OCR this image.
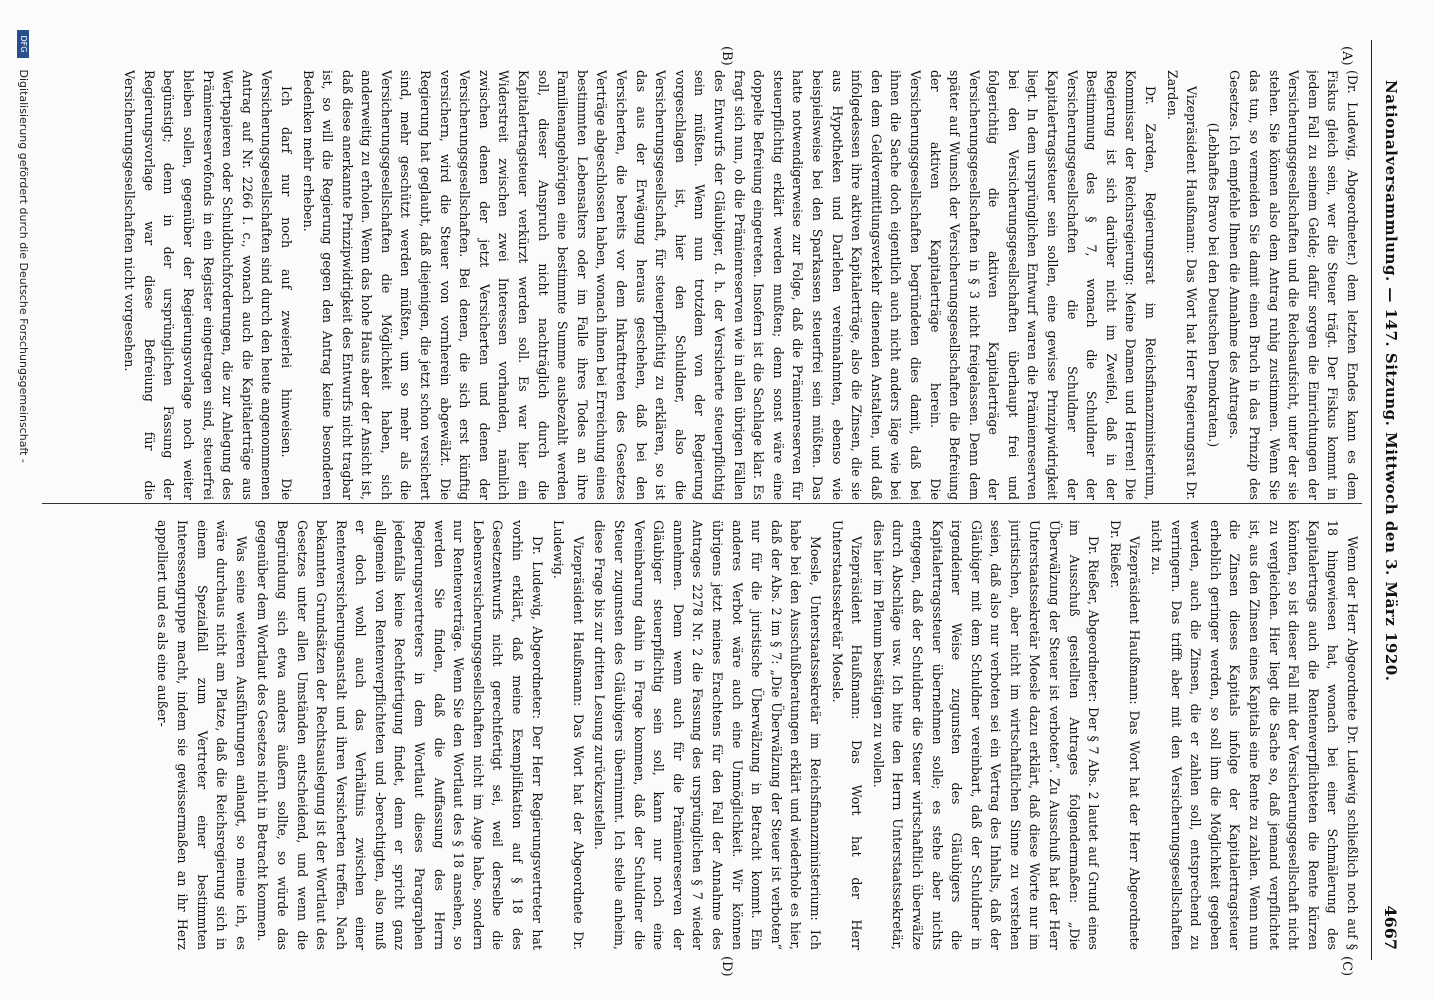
Nationalversammlung. — 147. Sitzung. Mittwoch den 3. März 1920.
4667
(A)
(B)
(C)
(D)

(Dr. Ludewig, Abgeordneter.) dem letzten Endes kann es dem Fiskus gleich sein, wer die Steuer trägt. Der Fiskus kommt in jedem Fall zu seinem Gelde; dafür sorgen die Einrichtungen der Versicherungsgesellschaften und die Reichsaufsicht, unter der sie stehen. Sie können also dem Antrag ruhig zustimmen. Wenn Sie das tun, so vermeiden Sie damit einen Bruch in das Prinzip des Gesetzes. Ich empfehle Ihnen die Annahme des Antrages.

(Lebhaftes Bravo bei den Deutschen Demokraten.)

Vizepräsident Haußmann: Das Wort hat Herr Regierungsrat Dr. Zarden.

Dr. Zarden, Regierungsrat im Reichsfinanzministerium, Kommissar der Reichsregierung: Meine Damen und Herren! Die Regierung ist sich darüber nicht im Zweifel, daß in der Bestimmung des § 7, wonach die Schuldner der Versicherungsgesellschaften die Schuldner der Kapitalertragssteuer sein sollen, eine gewisse Prinzipwidrigkeit liegt. In dem ursprünglichen Entwurf waren die Prämienreserven bei den Versicherungsgesellschaften überhaupt frei und folgerichtig die aktiven Kapitalerträge der Versicherungsgesellschaften in § 3 nicht freigelassen. Denn dem später auf Wunsch der Versicherungsgesellschaften die Befreiung der aktiven Kapitalerträge herein. Die Versicherungsgesellschaften begründeten dies damit, daß bei ihnen die Sache doch eigentlich auch nicht anders läge wie bei den dem Geldvermittlungsverkehr dienenden Anstalten, und daß infolgedessen ihre aktiven Kapitalerträge, also die Zinsen, die sie aus Hypotheken und Darlehen vereinnahmten, ebenso wie beispielsweise bei den Sparkassen steuerfrei sein müßten. Das hatte notwendigerweise zur Folge, daß die Prämienreserven für steuerpflichtig erklärt werden mußten; denn sonst wäre eine doppelte Befreiung eingetreten. Insofern ist die Sachlage klar. Es fragt sich nun, ob die Prämienreserven wie in allen übrigen Fällen des Entwurfs der Gläubiger, d. h. der Versicherte steuerpflichtig sein müßten. Wenn nun trotzdem von der Regierung vorgeschlagen ist, hier den Schuldner, also die Versicherungsgesellschaft, für steuerpflichtig zu erklären, so ist das aus der Erwägung heraus geschehen, daß bei den Versicherten, die bereits vor dem Inkrafttreten des Gesetzes Verträge abgeschlossen haben, wonach ihnen bei Erreichung eines bestimmten Lebensalters oder im Falle ihres Todes an ihre Familienangehörigen eine bestimmte Summe ausbezahlt werden soll, dieser Anspruch nicht nachträglich durch die Kapitalertragsteuer verkürzt werden soll. Es war hier ein Widerstreit zwischen zwei Interessen vorhanden, nämlich zwischen denen der jetzt Versicherten und denen der Versicherungsgesellschaften. Bei denen, die sich erst künftig versichern, wird die Steuer von vornherein abgewälzt. Die Regierung hat geglaubt, daß diejenigen, die jetzt schon versichert sind, mehr geschützt werden müßten, um so mehr als die Versicherungsgesellschaften die Möglichkeit haben, sich anderweitig zu erholen. Wenn das hohe Haus aber der Ansicht ist, daß diese anerkannte Prinzipwidrigkeit des Entwurfs nicht tragbar ist, so will die Regierung gegen den Antrag keine besonderen Bedenken mehr erheben.

Ich darf nur noch auf zweierlei hinweisen. Die Versicherungsgesellschaften sind durch den heute angenommenen Antrag auf Nr. 2266 I. c., wonach auch die Kapitalerträge aus Wertpapieren oder Schuldbuchforderungen, die zur Anlegung des Prämienreservefonds in ein Register eingetragen sind, steuerfrei bleiben sollen, gegenüber der Regierungsvorlage noch weiter begünstigt; denn in der ursprünglichen Fassung der Regierungsvorlage war diese Befreiung für die Versicherungsgesellschaften nicht vorgesehen.

Wenn der Herr Abgeordnete Dr. Ludewig schließlich noch auf § 18 hingewiesen hat, wonach bei einer Schmälerung des Kapitalertrags auch die Rentenverpflichteten die Rente kürzen könnten, so ist dieser Fall mit der Versicherungsgesellschaft nicht zu vergleichen. Hier liegt die Sache so, daß jemand verpflichtet ist, aus den Zinsen eines Kapitals eine Rente zu zahlen. Wenn nun die Zinsen dieses Kapitals infolge der Kapitalertragsteuer erheblich geringer werden, so soll ihm die Möglichkeit gegeben werden, auch die Zinsen, die er zahlen soll, entsprechend zu verringern. Das trifft aber mit den Versicherungsgesellschaften nicht zu.

Vizepräsident Haußmann: Das Wort hat der Herr Abgeordnete Dr. Rießer.

Dr. Rießer, Abgeordneter: Der § 7 Abs. 2 lautet auf Grund eines im Ausschuß gestellten Antrages folgendermaßen: „Die Überwälzung der Steuer ist verboten“. Zu Ausschuß hat der Herr Unterstaatssekretär Moesle dazu erklärt, daß diese Worte nur im juristischen, aber nicht im wirtschaftlichen Sinne zu verstehen seien, daß also nur verboten sei ein Vertrag des Inhalts, daß der Gläubiger mit dem Schuldner vereinbart, daß der Schuldner in irgendeiner Weise zugunsten des Gläubigers die Kapitalertragssteuer übernehmen solle; es stehe aber nichts entgegen, daß der Schuldner die Steuer wirtschaftlich überwälze durch Abschläge usw. Ich bitte den Herrn Unterstaatssekretär, dies hier im Plenum bestätigen zu wollen.

Vizepräsident Haußmann: Das Wort hat der Herr Unterstaatssekretär Moesle.

Moesle, Unterstaatssekretär im Reichsfinanzministerium: Ich habe bei den Ausschußberatungen erklärt und wiederhole es hier, daß der Abs. 2 im § 7: „Die Überwälzung der Steuer ist verboten“ nur für die juristische Überwälzung in Betracht kommt. Ein anderes Verbot wäre auch eine Unmöglichkeit. Wir können übrigens jetzt meines Erachtens für den Fall der Annahme des Antrages 2278 Nr. 2 die Fassung des ursprünglichen § 7 wieder annehmen. Denn wenn auch für die Prämienreserven der Gläubiger steuerpflichtig sein soll, kann nur noch eine Vereinbarung dahin in Frage kommen, daß der Schuldner die Steuer zugunsten des Gläubigers übernimmt. Ich stelle anheim, diese Frage bis zur dritten Lesung zurückzustellen.

Vizepräsident Haußmann: Das Wort hat der Abgeordnete Dr. Ludewig.

Dr. Ludewig, Abgeordneter: Der Herr Regierungsvertreter hat vorhin erklärt, daß meine Exemplifikation auf § 18 des Gesetzentwurfs nicht gerechtfertigt sei, weil derselbe die Lebensversicherungsgesellschaften nicht im Auge habe, sondern nur Rentenverträge. Wenn Sie den Wortlaut des § 18 ansehen, so werden Sie finden, daß die Auffassung des Herrn Regierungsvertreters in dem Wortlaut dieses Paragraphen jedenfalls keine Rechtfertigung findet, denn er spricht ganz allgemein von Rentenverpflichteten und -berechtigten, also muß er doch wohl auch das Verhältnis zwischen einer Rentenversicherungsanstalt und ihren Versicherten treffen. Nach bekannten Grundsätzen der Rechtsauslegung ist der Wortlaut des Gesetzes unter allen Umständen entscheidend, und wenn die Begründung sich etwa anders äußern sollte, so würde das gegenüber dem Wortlaut des Gesetzes nicht in Betracht kommen.

Was seine weiteren Ausführungen anlangt, so meine ich, es wäre durchaus nicht am Platze, daß die Reichsregierung sich in einem Spezialfall zum Vertreter einer bestimmten Interessengruppe macht, indem sie gewissermaßen an ihr Herz appelliert und es als eine außer-

DFG Digitalisierung gefördert durch die Deutsche Forschungsgemeinschaft -
